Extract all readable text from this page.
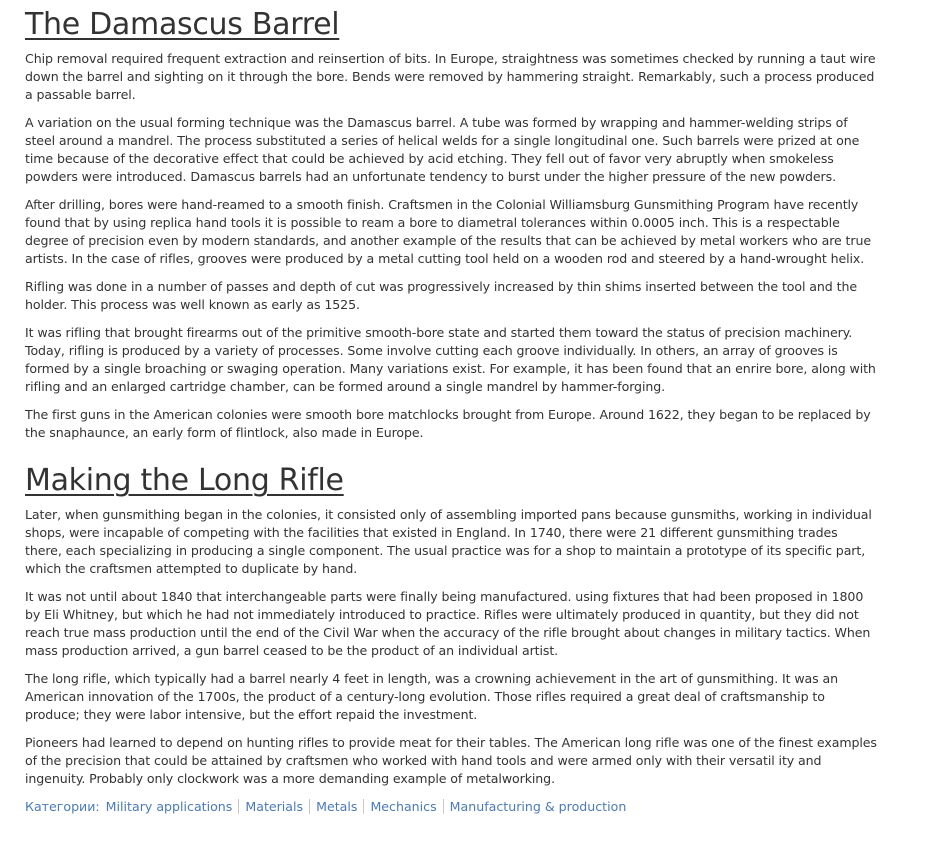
The Damascus Barrel

Chip removal required frequent extraction and reinsertion of bits. In Europe, straightness was sometimes checked by running a taut wire down the barrel and sighting on it through the bore. Bends were removed by hammering straight. Remarkably, such a process produced a passable barrel.

A variation on the usual forming technique was the Damascus barrel. A tube was formed by wrapping and hammer-welding strips of steel around a mandrel. The process substituted a series of helical welds for a single longitudinal one. Such barrels were prized at one time because of the decorative effect that could be achieved by acid etching. They fell out of favor very abruptly when smokeless powders were introduced. Damascus barrels had an unfortunate tendency to burst under the higher pressure of the new powders.

After drilling, bores were hand-reamed to a smooth finish. Craftsmen in the Colonial Williamsburg Gunsmithing Program have recently found that by using replica hand tools it is possible to ream a bore to diametral tolerances within 0.0005 inch. This is a respectable degree of precision even by modern standards, and another example of the results that can be achieved by metal workers who are true artists. In the case of rifles, grooves were produced by a metal cutting tool held on a wooden rod and steered by a hand-wrought helix.

Rifling was done in a number of passes and depth of cut was progressively increased by thin shims inserted between the tool and the holder. This process was well known as early as 1525.

It was rifling that brought firearms out of the primitive smooth-bore state and started them toward the status of precision machinery. Today, rifling is produced by a variety of processes. Some involve cutting each groove individually. In others, an array of grooves is formed by a single broaching or swaging operation. Many variations exist. For example, it has been found that an enrire bore, along with rifling and an enlarged cartridge chamber, can be formed around a single mandrel by hammer-forging.

The first guns in the American colonies were smooth bore matchlocks brought from Europe. Around 1622, they began to be replaced by the snaphaunce, an early form of flintlock, also made in Europe.

Making the Long Rifle

Later, when gunsmithing began in the colonies, it consisted only of assembling imported pans because gunsmiths, working in individual shops, were incapable of competing with the facilities that existed in England. In 1740, there were 21 different gunsmithing trades there, each specializing in producing a single component. The usual practice was for a shop to maintain a prototype of its specific part, which the craftsmen attempted to duplicate by hand.

It was not until about 1840 that interchangeable parts were finally being manufactured. using fixtures that had been proposed in 1800 by Eli Whitney, but which he had not immediately introduced to practice. Rifles were ultimately produced in quantity, but they did not reach true mass production until the end of the Civil War when the accuracy of the rifle brought about changes in military tactics. When mass production arrived, a gun barrel ceased to be the product of an individual artist.

The long rifle, which typically had a barrel nearly 4 feet in length, was a crowning achievement in the art of gunsmithing. It was an American innovation of the 1700s, the product of a century-long evolution. Those rifles required a great deal of craftsmanship to produce; they were labor intensive, but the effort repaid the investment.

Pioneers had learned to depend on hunting rifles to provide meat for their tables. The American long rifle was one of the finest examples of the precision that could be attained by craftsmen who worked with hand tools and were armed only with their versatil ity and ingenuity. Probably only clockwork was a more demanding example of metalworking.

Категории: Military applications Materials Metals Mechanics Manufacturing & production
